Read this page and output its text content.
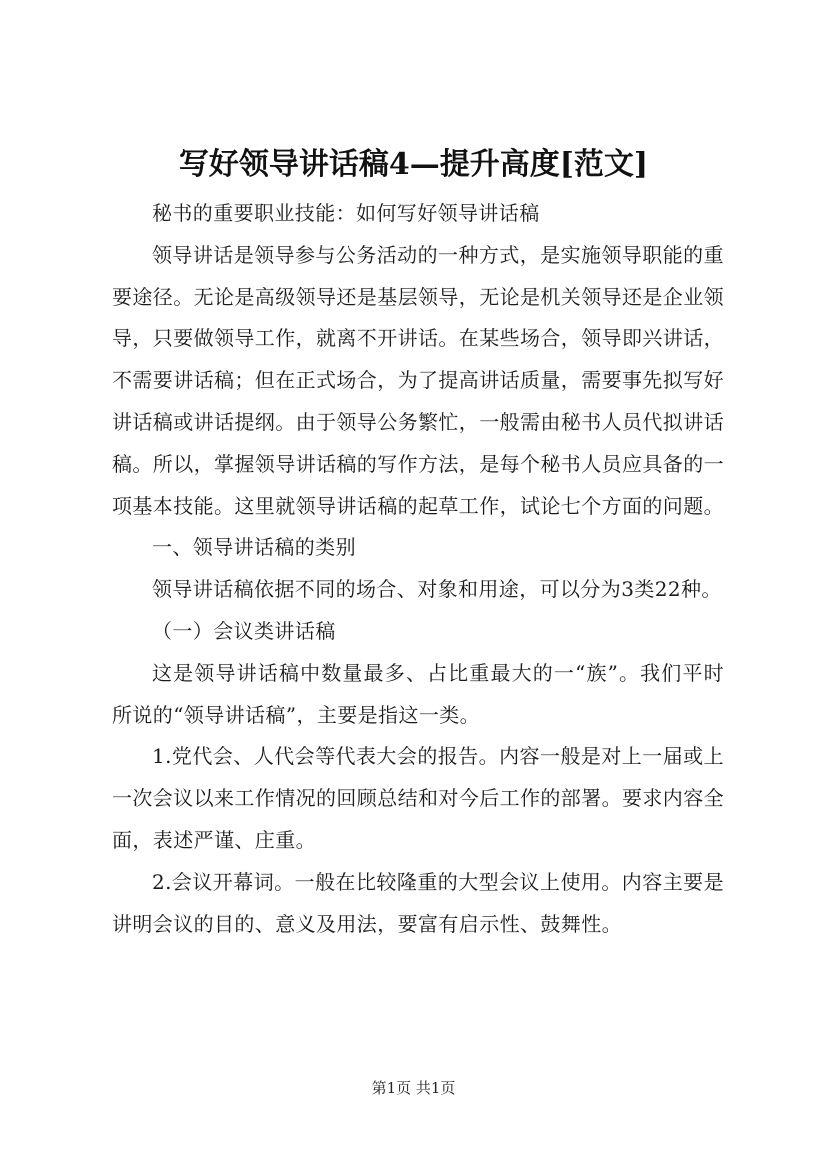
写好领导讲话稿4—提升高度[范文]

秘书的重要职业技能：如何写好领导讲话稿

领导讲话是领导参与公务活动的一种方式，是实施领导职能的重要途径。无论是高级领导还是基层领导，无论是机关领导还是企业领导，只要做领导工作，就离不开讲话。在某些场合，领导即兴讲话，不需要讲话稿；但在正式场合，为了提高讲话质量，需要事先拟写好讲话稿或讲话提纲。由于领导公务繁忙，一般需由秘书人员代拟讲话稿。所以，掌握领导讲话稿的写作方法，是每个秘书人员应具备的一项基本技能。这里就领导讲话稿的起草工作，试论七个方面的问题。

一、领导讲话稿的类别

领导讲话稿依据不同的场合、对象和用途，可以分为3类22种。

（一）会议类讲话稿

这是领导讲话稿中数量最多、占比重最大的一“族”。我们平时所说的“领导讲话稿”，主要是指这一类。

1.党代会、人代会等代表大会的报告。内容一般是对上一届或上一次会议以来工作情况的回顾总结和对今后工作的部署。要求内容全面，表述严谨、庄重。

2.会议开幕词。一般在比较隆重的大型会议上使用。内容主要是讲明会议的目的、意义及用法，要富有启示性、鼓舞性。

第1页 共1页
